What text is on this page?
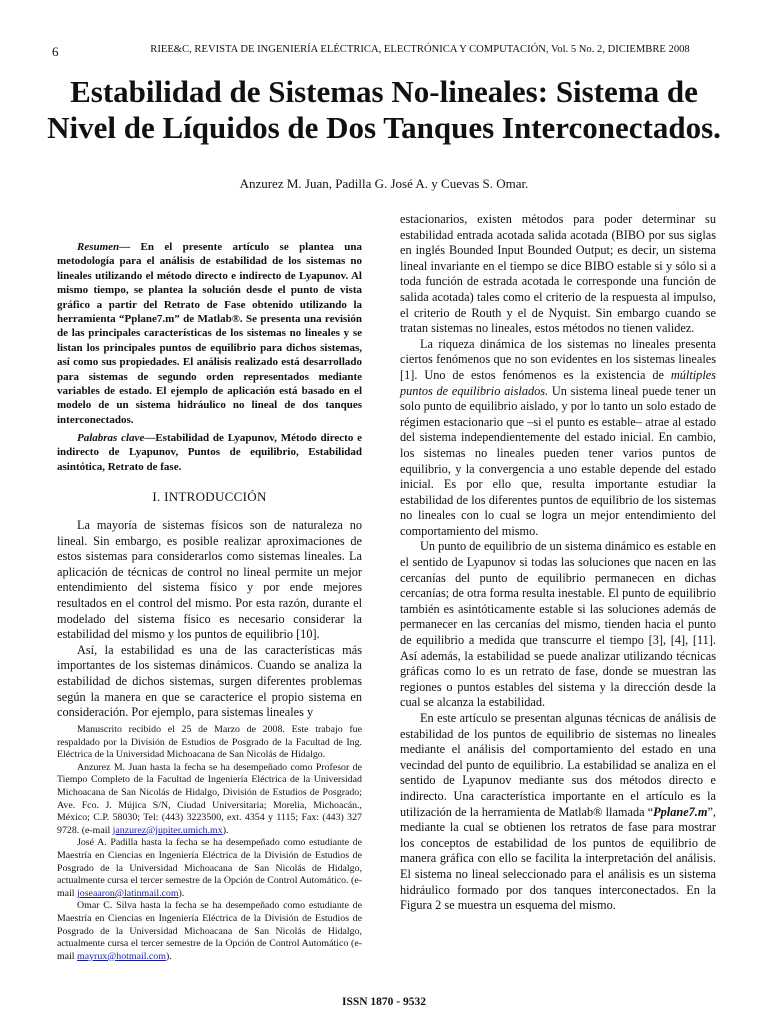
6	RIEE&C, REVISTA DE INGENIERÍA ELÉCTRICA, ELECTRÓNICA Y COMPUTACIÓN, Vol. 5 No. 2, DICIEMBRE 2008
Estabilidad de Sistemas No-lineales: Sistema de
Nivel de Líquidos de Dos Tanques Interconectados.
Anzurez M. Juan, Padilla G. José A. y Cuevas S. Omar.

Resumen— En el presente artículo se plantea una metodología para el análisis de estabilidad de los sistemas no lineales utilizando el método directo e indirecto de Lyapunov. Al mismo tiempo, se plantea la solución desde el punto de vista gráfico a partir del Retrato de Fase obtenido utilizando la herramienta “Pplane7.m” de Matlab®. Se presenta una revisión de las principales características de los sistemas no lineales y se listan los principales puntos de equilibrio para dichos sistemas, así como sus propiedades. El análisis realizado está desarrollado para sistemas de segundo orden representados mediante variables de estado. El ejemplo de aplicación está basado en el modelo de un sistema hidráulico no lineal de dos tanques interconectados.

Palabras clave—Estabilidad de Lyapunov, Método directo e indirecto de Lyapunov, Puntos de equilibrio, Estabilidad asintótica, Retrato de fase.

I. INTRODUCCIÓN

La mayoría de sistemas físicos son de naturaleza no lineal. Sin embargo, es posible realizar aproximaciones de estos sistemas para considerarlos como sistemas lineales. La aplicación de técnicas de control no lineal permite un mejor entendimiento del sistema físico y por ende mejores resultados en el control del mismo. Por esta razón, durante el modelado del sistema físico es necesario considerar la estabilidad del mismo y los puntos de equilibrio [10].

Así, la estabilidad es una de las características más importantes de los sistemas dinámicos. Cuando se analiza la estabilidad de dichos sistemas, surgen diferentes problemas según la manera en que se caracterice el propio sistema en consideración. Por ejemplo, para sistemas lineales y

Manuscrito recibido el 25 de Marzo de 2008. Este trabajo fue respaldado por la División de Estudios de Posgrado de la Facultad de Ing. Eléctrica de la Universidad Michoacana de San Nicolás de Hidalgo.

Anzurez M. Juan hasta la fecha se ha desempeñado como Profesor de Tiempo Completo de la Facultad de Ingeniería Eléctrica de la Universidad Michoacana de San Nicolás de Hidalgo, División de Estudios de Posgrado; Ave. Fco. J. Mújica S/N, Ciudad Universitaria; Morelia, Michoacán., México; C.P. 58030; Tel: (443) 3223500, ext. 4354 y 1115; Fax: (443) 327 9728. (e-mail janzurez@jupiter.umich.mx).

José A. Padilla hasta la fecha se ha desempeñado como estudiante de Maestría en Ciencias en Ingeniería Eléctrica de la División de Estudios de Posgrado de la Universidad Michoacana de San Nicolás de Hidalgo, actualmente cursa el tercer semestre de la Opción de Control Automático. (e-mail joseaaron@latinmail.com).

Omar C. Silva hasta la fecha se ha desempeñado como estudiante de Maestría en Ciencias en Ingeniería Eléctrica de la División de Estudios de Posgrado de la Universidad Michoacana de San Nicolás de Hidalgo, actualmente cursa el tercer semestre de la Opción de Control Automático (e-mail mayrux@hotmail.com).

estacionarios, existen métodos para poder determinar su estabilidad entrada acotada salida acotada (BIBO por sus siglas en inglés Bounded Input Bounded Output; es decir, un sistema lineal invariante en el tiempo se dice BIBO estable si y sólo si a toda función de estrada acotada le corresponde una función de salida acotada) tales como el criterio de la respuesta al impulso, el criterio de Routh y el de Nyquist. Sin embargo cuando se tratan sistemas no lineales, estos métodos no tienen validez.

La riqueza dinámica de los sistemas no lineales presenta ciertos fenómenos que no son evidentes en los sistemas lineales [1]. Uno de estos fenómenos es la existencia de múltiples puntos de equilibrio aislados. Un sistema lineal puede tener un solo punto de equilibrio aislado, y por lo tanto un solo estado de régimen estacionario que –si el punto es estable– atrae al estado del sistema independientemente del estado inicial. En cambio, los sistemas no lineales pueden tener varios puntos de equilibrio, y la convergencia a uno estable depende del estado inicial. Es por ello que, resulta importante estudiar la estabilidad de los diferentes puntos de equilibrio de los sistemas no lineales con lo cual se logra un mejor entendimiento del comportamiento del mismo.

Un punto de equilibrio de un sistema dinámico es estable en el sentido de Lyapunov si todas las soluciones que nacen en las cercanías del punto de equilibrio permanecen en dichas cercanías; de otra forma resulta inestable. El punto de equilibrio también es asintóticamente estable si las soluciones además de permanecer en las cercanías del mismo, tienden hacia el punto de equilibrio a medida que transcurre el tiempo [3], [4], [11]. Así además, la estabilidad se puede analizar utilizando técnicas gráficas como lo es un retrato de fase, donde se muestran las regiones o puntos estables del sistema y la dirección desde la cual se alcanza la estabilidad.

En este artículo se presentan algunas técnicas de análisis de estabilidad de los puntos de equilibrio de sistemas no lineales mediante el análisis del comportamiento del estado en una vecindad del punto de equilibrio. La estabilidad se analiza en el sentido de Lyapunov mediante sus dos métodos directo e indirecto. Una característica importante en el artículo es la utilización de la herramienta de Matlab® llamada “Pplane7.m”, mediante la cual se obtienen los retratos de fase para mostrar los conceptos de estabilidad de los puntos de equilibrio de manera gráfica con ello se facilita la interpretación del análisis. El sistema no lineal seleccionado para el análisis es un sistema hidráulico formado por dos tanques interconectados. En la Figura 2 se muestra un esquema del mismo.

ISSN 1870 - 9532
